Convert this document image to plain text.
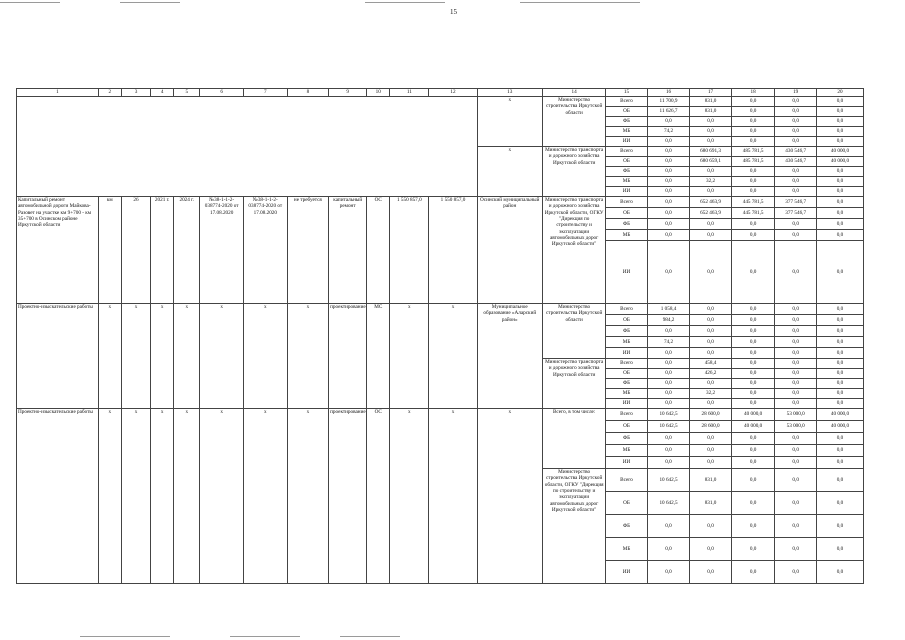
15
1	2	3	4	5	6	7	8	9	10	11	12	13	14	15	16	17	18	19	20
												x	Министерство строительства Иркутской области	Всего	11 700,9	831,0	0,0	0,0	0,0
														ОБ	11 626,7	831,0	0,0	0,0	0,0
														ФБ	0,0	0,0	0,0	0,0	0,0
														МБ	74,2	0,0	0,0	0,0	0,0
														ИИ	0,0	0,0	0,0	0,0	0,0
												x	Министерство транспорта и дорожного хозяйства Иркутской области	Всего	0,0	680 691,3	485 781,5	430 546,7	40 000,0
														ОБ	0,0	680 659,1	485 781,5	430 546,7	40 000,0
														ФБ	0,0	0,0	0,0	0,0	0,0
														МБ	0,0	32,2	0,0	0,0	0,0
														ИИ	0,0	0,0	0,0	0,0	0,0
Капитальный ремонт автомобильной дороги Майкова-Разовет на участке км 9+700 - км 35+700 в Осинском районе Иркутской области	км	26	2021 г.	2024 г.	№38-1-1-2-038774-2020 от 17.08.2020	№38-1-1-2-038774-2020 от 17.08.2020	не требуется	капитальный ремонт	ОС	1 550 857,0	1 550 857,0	Осинский муниципальный район	Министерство транспорта и дорожного хозяйства Иркутской области, ОГКУ "Дирекция по строительству и эксплуатации автомобильных дорог Иркутской области"	Всего	0,0	652 463,9	445 781,5	377 546,7	0,0
														ОБ	0,0	652 463,9	445 781,5	377 546,7	0,0
														ФБ	0,0	0,0	0,0	0,0	0,0
														МБ	0,0	0,0	0,0	0,0	0,0
														ИИ	0,0	0,0	0,0	0,0	0,0
Проектно-изыскательские работы	x	x	x	x	x	x	x	проектирование	МС	x	x	Муниципальное образование «Аларский район»	Министерство строительства Иркутской области	Всего	1 058,4	0,0	0,0	0,0	0,0
														ОБ	984,2	0,0	0,0	0,0	0,0
														ФБ	0,0	0,0	0,0	0,0	0,0
														МБ	74,2	0,0	0,0	0,0	0,0
														ИИ	0,0	0,0	0,0	0,0	0,0
													Министерство транспорта и дорожного хозяйства Иркутской области	Всего	0,0	458,4	0,0	0,0	0,0
														ОБ	0,0	426,2	0,0	0,0	0,0
														ФБ	0,0	0,0	0,0	0,0	0,0
														МБ	0,0	32,2	0,0	0,0	0,0
														ИИ	0,0	0,0	0,0	0,0	0,0
Проектно-изыскательские работы	x	x	x	x	x	x	x	проектирование	ОС	x	x	x	Всего, в том числе:	Всего	10 642,5	28 600,0	40 000,0	53 000,0	40 000,0
														ОБ	10 642,5	28 600,0	40 000,0	53 000,0	40 000,0
														ФБ	0,0	0,0	0,0	0,0	0,0
														МБ	0,0	0,0	0,0	0,0	0,0
														ИИ	0,0	0,0	0,0	0,0	0,0
													Министерство строительства Иркутской области, ОГКУ "Дирекция по строительству и эксплуатации автомобильных дорог Иркутской области"	Всего	10 642,5	831,0	0,0	0,0	0,0
														ОБ	10 642,5	831,0	0,0	0,0	0,0
														ФБ	0,0	0,0	0,0	0,0	0,0
														МБ	0,0	0,0	0,0	0,0	0,0
														ИИ	0,0	0,0	0,0	0,0	0,0
